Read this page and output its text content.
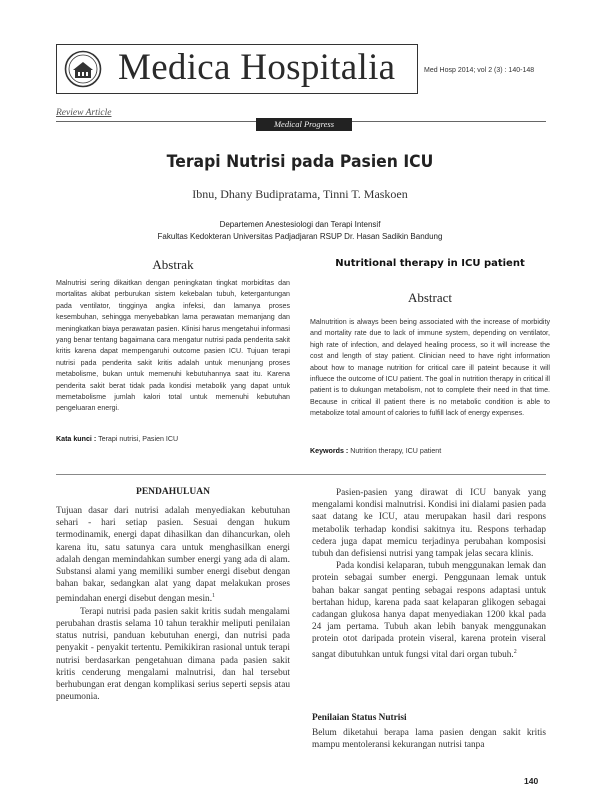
Medica Hospitalia	Med Hosp 2014; vol 2 (3) : 140-148
Review Article
Medical Progress
Terapi Nutrisi pada Pasien ICU
Ibnu, Dhany Budipratama, Tinni T. Maskoen
Departemen Anestesiologi dan Terapi Intensif
Fakultas Kedokteran Universitas Padjadjaran RSUP Dr. Hasan Sadikin Bandung
Abstrak	Nutritional therapy in ICU patient
Abstract
Malnutrisi sering dikaitkan dengan peningkatan tingkat morbiditas dan mortalitas akibat perburukan sistem kekebalan tubuh, ketergantungan pada ventilator, tingginya angka infeksi, dan lamanya proses kesembuhan, sehingga menyebabkan lama perawatan memanjang dan meningkatkan biaya perawatan pasien. Klinisi harus mengetahui informasi yang benar tentang bagaimana cara mengatur nutrisi pada penderita sakit kritis karena dapat mempengaruhi outcome pasien ICU. Tujuan terapi nutrisi pada penderita sakit kritis adalah untuk menunjang proses metabolisme, bukan untuk memenuhi kebutuhannya saat itu. Karena penderita sakit berat tidak pada kondisi metabolik yang dapat untuk memetabolisme jumlah kalori total untuk memenuhi kebutuhan pengeluaran energi.
Malnutrition is always been being associated with the increase of morbidity and mortality rate due to lack of immune system, depending on ventilator, high rate of infection, and delayed healing process, so it will increase the cost and length of stay patient. Clinician need to have right information about how to manage nutrition for critical care ill pateint because it will influece the outcome of ICU patient. The goal in nutrition therapy in critical ill patient is to dukungan metabolism, not to complete their need in that time. Because in critical ill patient there is no metabolic condition is able to metabolize total amount of calories to fulfill lack of energy expenses.
Kata kunci : Terapi nutrisi, Pasien ICU
Keywords : Nutrition therapy, ICU patient
PENDAHULUAN

Tujuan dasar dari nutrisi adalah menyediakan kebutuhan sehari - hari setiap pasien. Sesuai dengan hukum termodinamik, energi dapat dihasilkan dan dihancurkan, oleh karena itu, satu satunya cara untuk menghasilkan energi adalah dengan memindahkan sumber energi yang ada di alam. Substansi alami yang memiliki sumber energi disebut dengan bahan bakar, sedangkan alat yang dapat melakukan proses pemindahan energi disebut dengan mesin.$^1$

Terapi nutrisi pada pasien sakit kritis sudah mengalami perubahan drastis selama 10 tahun terakhir meliputi penilaian status nutrisi, panduan kebutuhan energi, dan nutrisi pada penyakit - penyakit tertentu. Pemikikiran rasional untuk terapi nutrisi berdasarkan pengetahuan dimana pada pasien sakit kritis cenderung mengalami malnutrisi, dan hal tersebut berhubungan erat dengan komplikasi serius seperti sepsis atau pneumonia.

Pasien-pasien yang dirawat di ICU banyak yang mengalami kondisi malnutrisi. Kondisi ini dialami pasien pada saat datang ke ICU, atau merupakan hasil dari respons metabolik terhadap kondisi sakitnya itu. Respons terhadap cedera juga dapat memicu terjadinya perubahan komposisi tubuh dan defisiensi nutrisi yang tampak jelas secara klinis.

Pada kondisi kelaparan, tubuh menggunakan lemak dan protein sebagai sumber energi. Penggunaan lemak untuk bahan bakar sangat penting sebagai respons adaptasi untuk bertahan hidup, karena pada saat kelaparan glikogen sebagai cadangan glukosa hanya dapat menyediakan 1200 kkal pada 24 jam pertama. Tubuh akan lebih banyak menggunakan protein otot daripada protein viseral, karena protein viseral sangat dibutuhkan untuk fungsi vital dari organ tubuh.$^2$

Penilaian Status Nutrisi
Belum diketahui berapa lama pasien dengan sakit kritis mampu mentoleransi kekurangan nutrisi tanpa
140
